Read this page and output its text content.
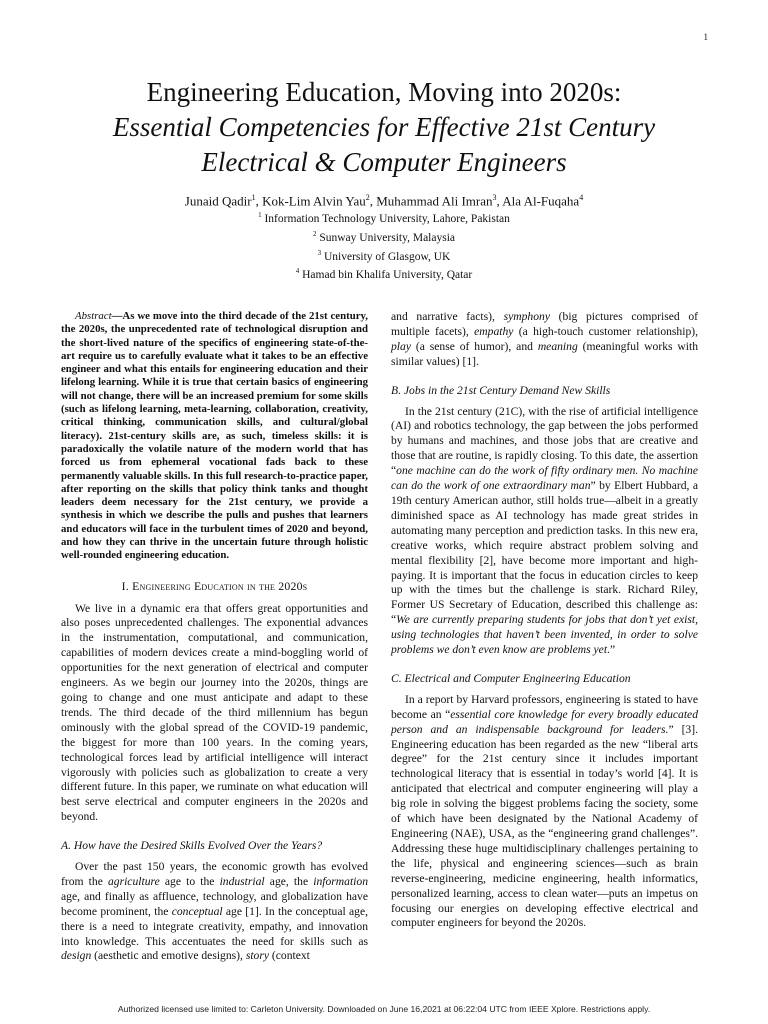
1
Engineering Education, Moving into 2020s:
Essential Competencies for Effective 21st Century
Electrical & Computer Engineers
Junaid Qadir$^1$, Kok-Lim Alvin Yau$^2$, Muhammad Ali Imran$^3$, Ala Al-Fuqaha$^4$
$^1$ Information Technology University, Lahore, Pakistan
$^2$ Sunway University, Malaysia
$^3$ University of Glasgow, UK
$^4$ Hamad bin Khalifa University, Qatar

Abstract—As we move into the third decade of the 21st century, the 2020s, the unprecedented rate of technological disruption and the short-lived nature of the specifics of engineering state-of-the-art require us to carefully evaluate what it takes to be an effective engineer and what this entails for engineering education and their lifelong learning. While it is true that certain basics of engineering will not change, there will be an increased premium for some skills (such as lifelong learning, meta-learning, collaboration, creativity, critical thinking, communication skills, and cultural/global literacy). 21st-century skills are, as such, timeless skills: it is paradoxically the volatile nature of the modern world that has forced us from ephemeral vocational fads back to these permanently valuable skills. In this full research-to-practice paper, after reporting on the skills that policy think tanks and thought leaders deem necessary for the 21st century, we provide a synthesis in which we describe the pulls and pushes that learners and educators will face in the turbulent times of 2020 and beyond, and how they can thrive in the uncertain future through holistic well-rounded engineering education.

I. Engineering Education in the 2020s

We live in a dynamic era that offers great opportunities and also poses unprecedented challenges. The exponential advances in the instrumentation, computational, and communication, capabilities of modern devices create a mind-boggling world of opportunities for the next generation of electrical and computer engineers. As we begin our journey into the 2020s, things are going to change and one must anticipate and adapt to these trends. The third decade of the third millennium has begun ominously with the global spread of the COVID-19 pandemic, the biggest for more than 100 years. In the coming years, technological forces lead by artificial intelligence will interact vigorously with policies such as globalization to create a very different future. In this paper, we ruminate on what education will best serve electrical and computer engineers in the 2020s and beyond.

A. How have the Desired Skills Evolved Over the Years?

Over the past 150 years, the economic growth has evolved from the agriculture age to the industrial age, the information age, and finally as affluence, technology, and globalization have become prominent, the conceptual age [1]. In the conceptual age, there is a need to integrate creativity, empathy, and innovation into knowledge. This accentuates the need for skills such as design (aesthetic and emotive designs), story (context

and narrative facts), symphony (big pictures comprised of multiple facets), empathy (a high-touch customer relationship), play (a sense of humor), and meaning (meaningful works with similar values) [1].

B. Jobs in the 21st Century Demand New Skills

In the 21st century (21C), with the rise of artificial intelligence (AI) and robotics technology, the gap between the jobs performed by humans and machines, and those jobs that are creative and those that are routine, is rapidly closing. To this date, the assertion “one machine can do the work of fifty ordinary men. No machine can do the work of one extraordinary man” by Elbert Hubbard, a 19th century American author, still holds true—albeit in a greatly diminished space as AI technology has made great strides in automating many perception and prediction tasks. In this new era, creative works, which require abstract problem solving and mental flexibility [2], have become more important and high-paying. It is important that the focus in education circles to keep up with the times but the challenge is stark. Richard Riley, Former US Secretary of Education, described this challenge as: “We are currently preparing students for jobs that don’t yet exist, using technologies that haven’t been invented, in order to solve problems we don’t even know are problems yet.”

C. Electrical and Computer Engineering Education

In a report by Harvard professors, engineering is stated to have become an “essential core knowledge for every broadly educated person and an indispensable background for leaders.” [3]. Engineering education has been regarded as the new “liberal arts degree” for the 21st century since it includes important technological literacy that is essential in today’s world [4]. It is anticipated that electrical and computer engineering will play a big role in solving the biggest problems facing the society, some of which have been designated by the National Academy of Engineering (NAE), USA, as the “engineering grand challenges”. Addressing these huge multidisciplinary challenges pertaining to the life, physical and engineering sciences—such as brain reverse-engineering, medicine engineering, health informatics, personalized learning, access to clean water—puts an impetus on focusing our energies on developing effective electrical and computer engineers for beyond the 2020s.

Authorized licensed use limited to: Carleton University. Downloaded on June 16,2021 at 06:22:04 UTC from IEEE Xplore. Restrictions apply.
